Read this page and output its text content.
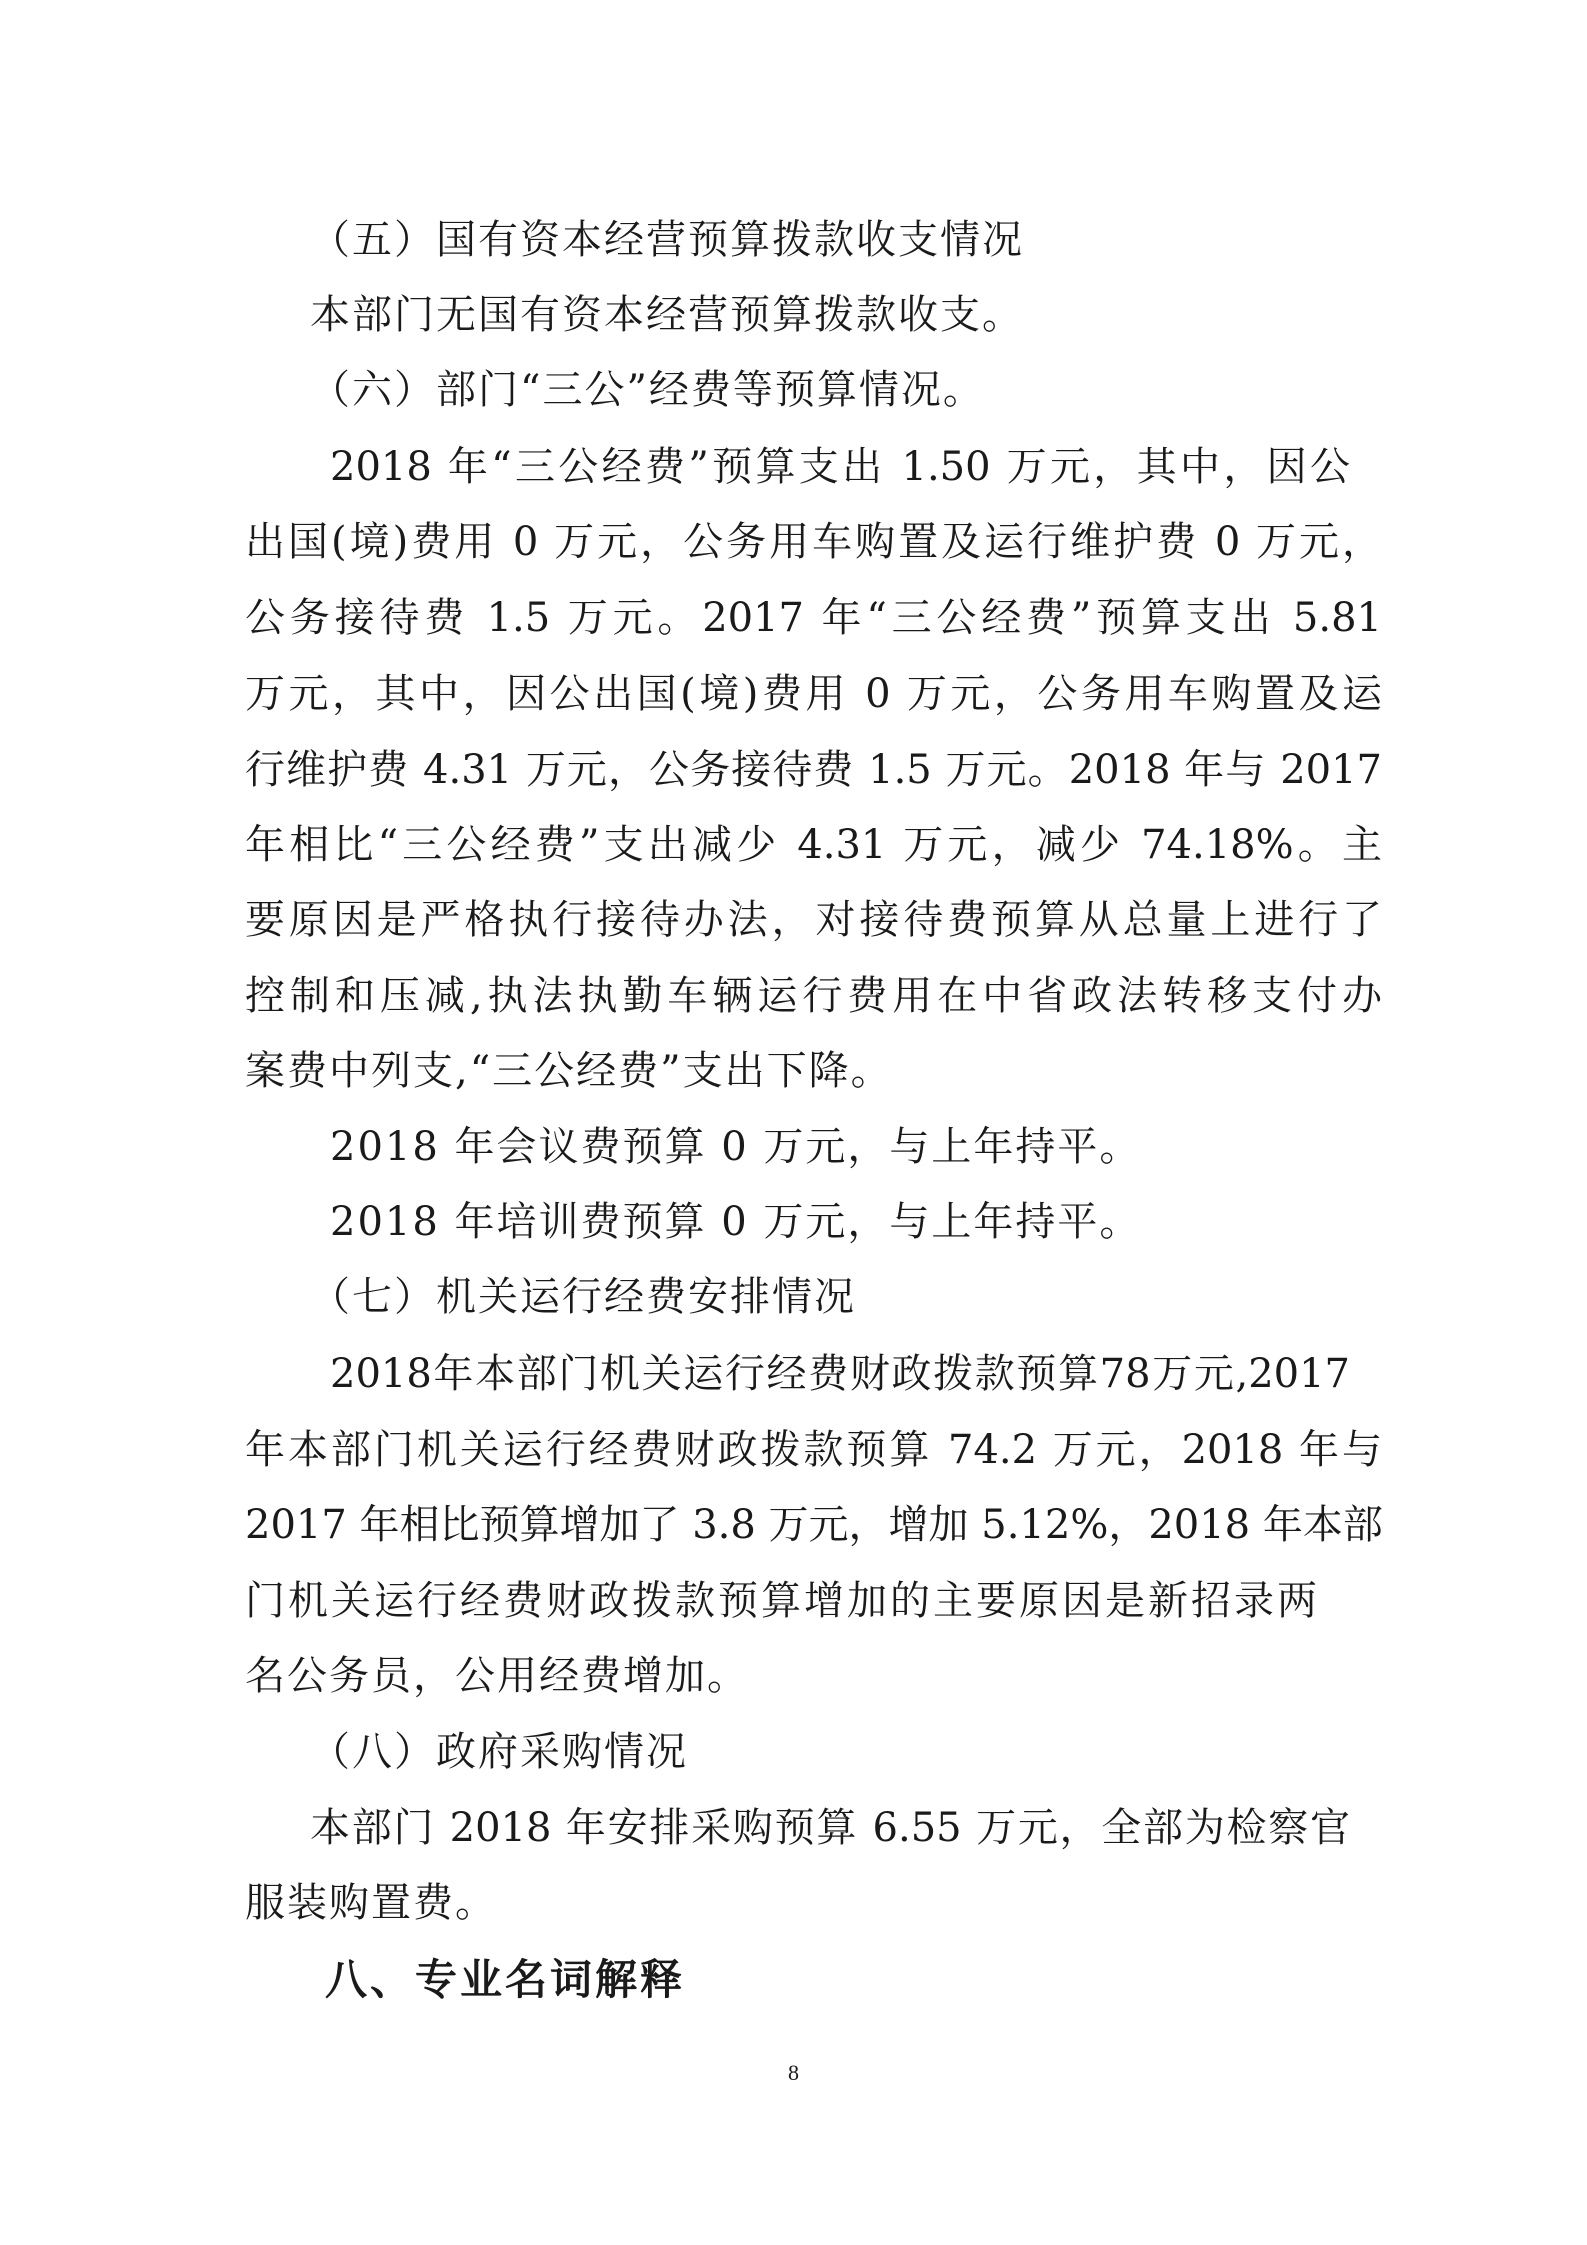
（五）国有资本经营预算拨款收支情况
本部门无国有资本经营预算拨款收支。
（六）部门“三公”经费等预算情况。
2018 年“三公经费”预算支出 1.50 万元，其中，因公
出国(境)费用 0 万元，公务用车购置及运行维护费 0 万元，
公务接待费 1.5 万元。2017 年“三公经费”预算支出 5.81
万元，其中，因公出国(境)费用 0 万元，公务用车购置及运
行维护费 4.31 万元，公务接待费 1.5 万元。2018 年与 2017
年相比“三公经费”支出减少 4.31 万元，减少 74.18%。主
要原因是严格执行接待办法，对接待费预算从总量上进行了
控制和压减,执法执勤车辆运行费用在中省政法转移支付办
案费中列支,“三公经费”支出下降。
2018 年会议费预算 0 万元，与上年持平。
2018 年培训费预算 0 万元，与上年持平。
（七）机关运行经费安排情况
2018年本部门机关运行经费财政拨款预算78万元,2017
年本部门机关运行经费财政拨款预算 74.2 万元，2018 年与
2017 年相比预算增加了 3.8 万元，增加 5.12%，2018 年本部
门机关运行经费财政拨款预算增加的主要原因是新招录两
名公务员，公用经费增加。
（八）政府采购情况
本部门 2018 年安排采购预算 6.55 万元，全部为检察官
服装购置费。
八、专业名词解释
8
